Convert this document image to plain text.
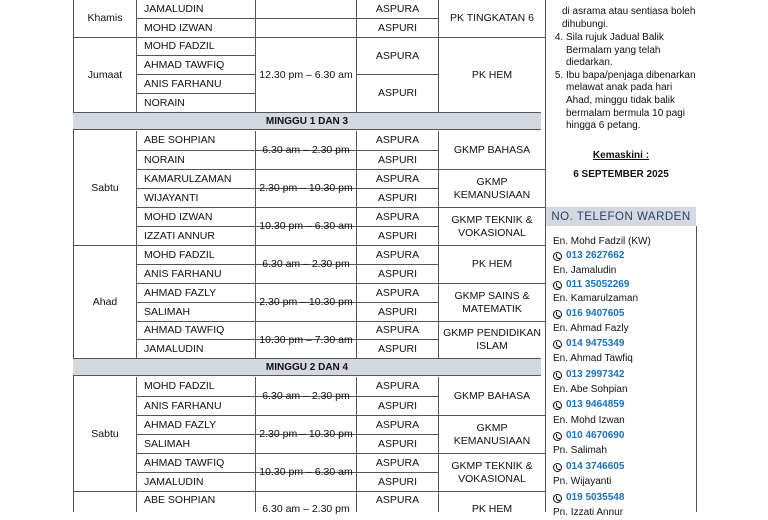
Khamis
JAMALUDIN
MOHD IZWAN
ASPURA
ASPURI
PK TINGKATAN 6
Jumaat
MOHD FADZIL
AHMAD TAWFIQ
ANIS FARHANU
NORAIN
12.30 pm – 6.30 am
ASPURA
ASPURI
PK HEM
MINGGU 1 DAN 3
Sabtu
ABE SOHPIAN
NORAIN
KAMARULZAMAN
WIJAYANTI
MOHD IZWAN
IZZATI ANNUR
6.30 am – 2.30 pm
2.30 pm – 10.30 pm
10.30 pm – 6.30 am
ASPURA
ASPURI
ASPURA
ASPURI
ASPURA
ASPURI
GKMP BAHASA
GKMP KEMANUSIAAN
GKMP TEKNIK & VOKASIONAL
Ahad
MOHD FADZIL
ANIS FARHANU
AHMAD FAZLY
SALIMAH
AHMAD TAWFIQ
JAMALUDIN
6.30 am – 2.30 pm
2.30 pm – 10.30 pm
10.30 pm – 7.30 am
ASPURA
ASPURI
ASPURA
ASPURI
ASPURA
ASPURI
PK HEM
GKMP SAINS & MATEMATIK
GKMP PENDIDIKAN ISLAM
MINGGU 2 DAN 4
Sabtu
MOHD FADZIL
ANIS FARHANU
AHMAD FAZLY
SALIMAH
AHMAD TAWFIQ
JAMALUDIN
6.30 am – 2.30 pm
2.30 pm – 10.30 pm
10.30 pm – 6.30 am
ASPURA
ASPURI
ASPURA
ASPURI
ASPURA
ASPURI
GKMP BAHASA
GKMP KEMANUSIAAN
GKMP TEKNIK & VOKASIONAL
ABE SOHPIAN
6.30 am – 2.30 pm
ASPURA
PK HEM

di asrama atau sentiasa boleh
dihubungi.
4. Sila rujuk Jadual Balik Bermalam yang telah diedarkan.
5. Ibu bapa/penjaga dibenarkan melawat anak pada hari Ahad, minggu tidak balik bermalam bermula 10 pagi hingga 6 petang.
Kemaskini :
6 SEPTEMBER 2025
NO. TELEFON WARDEN
En. Mohd Fadzil (KW)
013 2627662
En. Jamaludin
011 35052269
En. Kamarulzaman
016 9407605
En. Ahmad Fazly
014 9475349
En. Ahmad Tawfiq
013 2997342
En. Abe Sohpian
013 9464859
En. Mohd Izwan
010 4670690
Pn. Salimah
014 3746605
Pn. Wijayanti
019 5035548
Pn. Izzati Annur
